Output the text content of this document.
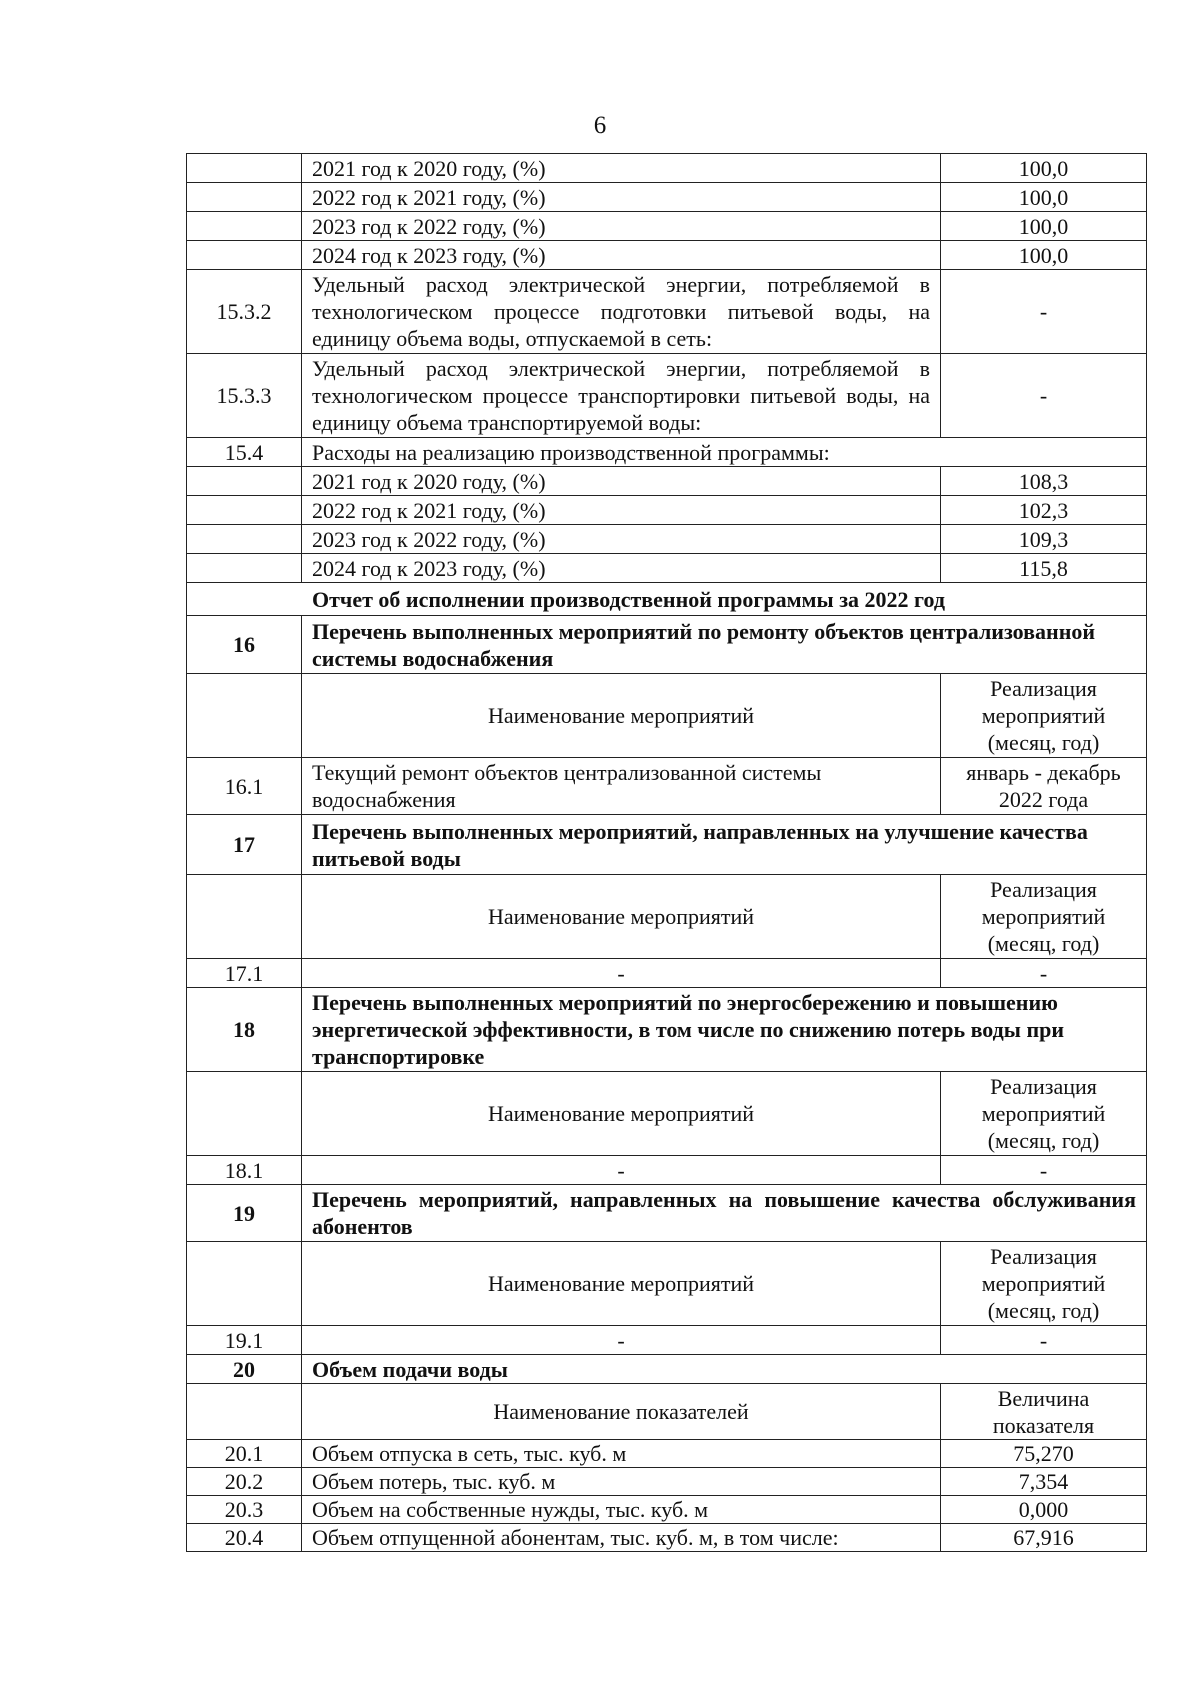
6
	2021 год к 2020 году, (%)	100,0
	2022 год к 2021 году, (%)	100,0
	2023 год к 2022 году, (%)	100,0
	2024 год к 2023 году, (%)	100,0
15.3.2	Удельный расход электрической энергии, потребляемой в технологическом процессе подготовки питьевой воды, на единицу объема воды, отпускаемой в сеть:	-
15.3.3	Удельный расход электрической энергии, потребляемой в технологическом процессе транспортировки питьевой воды, на единицу объема транспортируемой воды:	-
15.4	Расходы на реализацию производственной программы:	
	2021 год к 2020 году, (%)	108,3
	2022 год к 2021 году, (%)	102,3
	2023 год к 2022 году, (%)	109,3
	2024 год к 2023 году, (%)	115,8
Отчет об исполнении производственной программы за 2022 год		
16	Перечень выполненных мероприятий по ремонту объектов централизованной системы водоснабжения	
	Наименование мероприятий	Реализация мероприятий (месяц, год)
16.1	Текущий ремонт объектов централизованной системы водоснабжения	январь - декабрь 2022 года
17	Перечень выполненных мероприятий, направленных на улучшение качества питьевой воды	
	Наименование мероприятий	Реализация мероприятий (месяц, год)
17.1	-	-
18	Перечень выполненных мероприятий по энергосбережению и повышению энергетической эффективности, в том числе по снижению потерь воды при транспортировке	
	Наименование мероприятий	Реализация мероприятий (месяц, год)
18.1	-	-
19	Перечень мероприятий, направленных на повышение качества обслуживания абонентов	
	Наименование мероприятий	Реализация мероприятий (месяц, год)
19.1	-	-
20	Объем подачи воды	
	Наименование показателей	Величина показателя
20.1	Объем отпуска в сеть, тыс. куб. м	75,270
20.2	Объем потерь, тыс. куб. м	7,354
20.3	Объем на собственные нужды, тыс. куб. м	0,000
20.4	Объем отпущенной абонентам, тыс. куб. м, в том числе:	67,916
